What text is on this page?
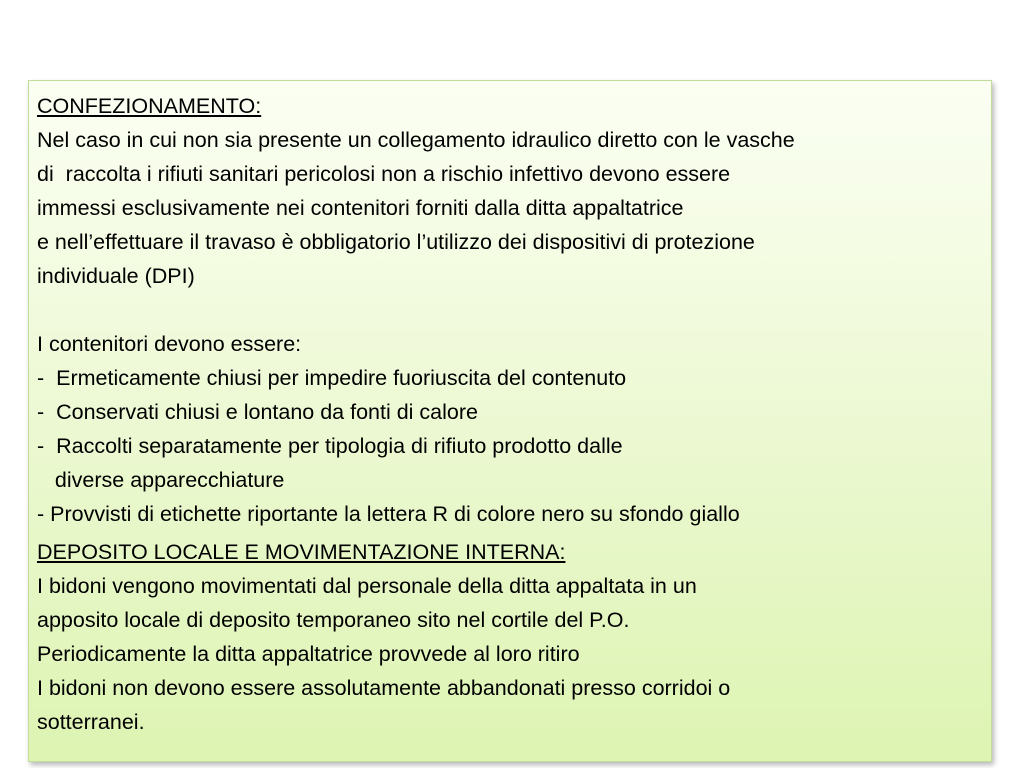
CONFEZIONAMENTO:
Nel caso in cui non sia presente un collegamento idraulico diretto con le vasche
di  raccolta i rifiuti sanitari pericolosi non a rischio infettivo devono essere
immessi esclusivamente nei contenitori forniti dalla ditta appaltatrice
e nell’effettuare il travaso è obbligatorio l’utilizzo dei dispositivi di protezione
individuale (DPI)
I contenitori devono essere:
-  Ermeticamente chiusi per impedire fuoriuscita del contenuto
-  Conservati chiusi e lontano da fonti di calore
-  Raccolti separatamente per tipologia di rifiuto prodotto dalle
diverse apparecchiature
- Provvisti di etichette riportante la lettera R di colore nero su sfondo giallo
DEPOSITO LOCALE E MOVIMENTAZIONE INTERNA:
I bidoni vengono movimentati dal personale della ditta appaltata in un
apposito locale di deposito temporaneo sito nel cortile del P.O.
Periodicamente la ditta appaltatrice provvede al loro ritiro
I bidoni non devono essere assolutamente abbandonati presso corridoi o
sotterranei.
